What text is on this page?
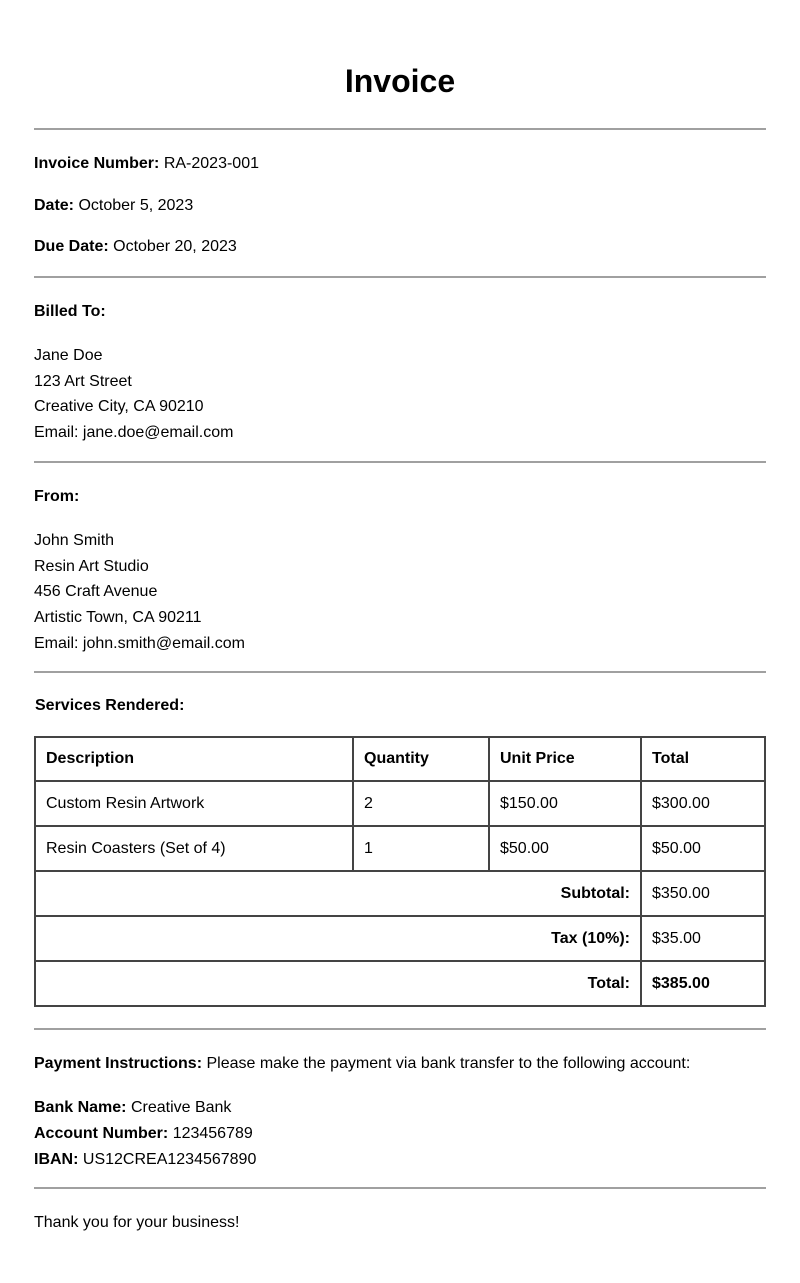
Invoice
Invoice Number: RA-2023-001
Date: October 5, 2023
Due Date: October 20, 2023
Billed To:
Jane Doe
123 Art Street
Creative City, CA 90210
Email: jane.doe@email.com
From:
John Smith
Resin Art Studio
456 Craft Avenue
Artistic Town, CA 90211
Email: john.smith@email.com
Services Rendered:
Description	Quantity	Unit Price	Total
Custom Resin Artwork	2	$150.00	$300.00
Resin Coasters (Set of 4)	1	$50.00	$50.00
Subtotal:			$350.00
Tax (10%):			$35.00
Total:			$385.00
Payment Instructions: Please make the payment via bank transfer to the following account:
Bank Name: Creative Bank
Account Number: 123456789
IBAN: US12CREA1234567890
Thank you for your business!
